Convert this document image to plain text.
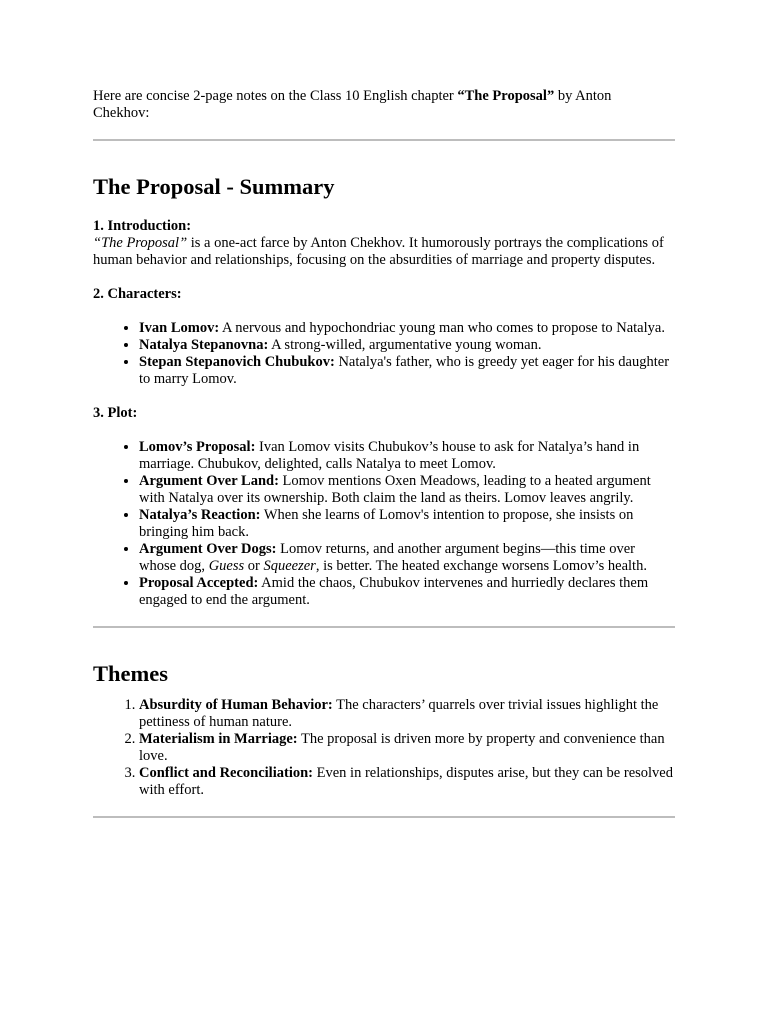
Here are concise 2-page notes on the Class 10 English chapter “The Proposal” by Anton Chekhov:

The Proposal - Summary

1. Introduction:

“The Proposal” is a one-act farce by Anton Chekhov. It humorously portrays the complications of human behavior and relationships, focusing on the absurdities of marriage and property disputes.

2. Characters:

• Ivan Lomov: A nervous and hypochondriac young man who comes to propose to Natalya.
• Natalya Stepanovna: A strong-willed, argumentative young woman.
• Stepan Stepanovich Chubukov: Natalya's father, who is greedy yet eager for his daughter to marry Lomov.

3. Plot:

• Lomov’s Proposal: Ivan Lomov visits Chubukov’s house to ask for Natalya’s hand in marriage. Chubukov, delighted, calls Natalya to meet Lomov.
• Argument Over Land: Lomov mentions Oxen Meadows, leading to a heated argument with Natalya over its ownership. Both claim the land as theirs. Lomov leaves angrily.
• Natalya’s Reaction: When she learns of Lomov's intention to propose, she insists on bringing him back.
• Argument Over Dogs: Lomov returns, and another argument begins—this time over whose dog, Guess or Squeezer, is better. The heated exchange worsens Lomov’s health.
• Proposal Accepted: Amid the chaos, Chubukov intervenes and hurriedly declares them engaged to end the argument.
Themes
1. Absurdity of Human Behavior: The characters’ quarrels over trivial issues highlight the pettiness of human nature.
2. Materialism in Marriage: The proposal is driven more by property and convenience than love.
3. Conflict and Reconciliation: Even in relationships, disputes arise, but they can be resolved with effort.
